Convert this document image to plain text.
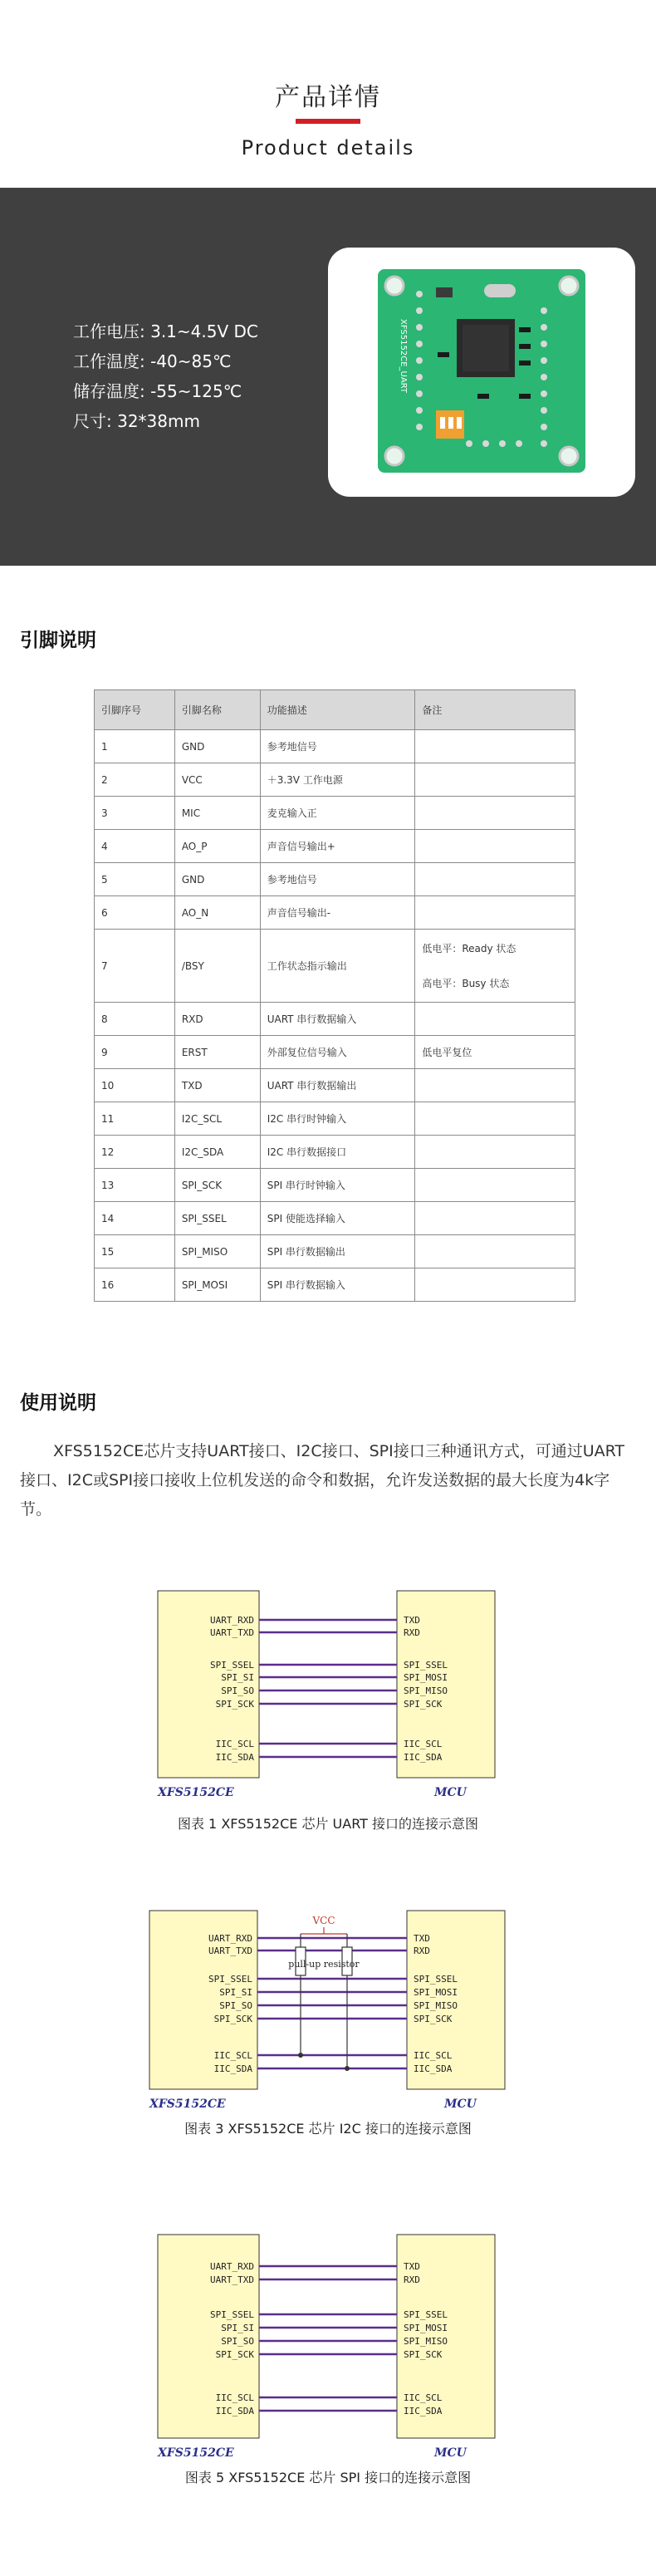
产品详情
Product details
工作电压: 3.1~4.5V DC
工作温度: -40~85℃
储存温度: -55~125℃
尺寸: 32*38mm
XFS5152CE_UART
引脚说明
引脚序号	引脚名称	功能描述	备注
1	GND	参考地信号	
2	VCC	＋3.3V 工作电源	
3	MIC	麦克输入正	
4	AO_P	声音信号输出+	
5	GND	参考地信号	
6	AO_N	声音信号输出-	
7	/BSY	工作状态指示输出	低电平：Ready 状态
高电平：Busy 状态

8	RXD	UART 串行数据输入	
9	ERST	外部复位信号输入	低电平复位
10	TXD	UART 串行数据输出	
11	I2C_SCL	I2C 串行时钟输入	
12	I2C_SDA	I2C 串行数据接口	
13	SPI_SCK	SPI 串行时钟输入	
14	SPI_SSEL	SPI 使能选择输入	
15	SPI_MISO	SPI 串行数据输出	
16	SPI_MOSI	SPI 串行数据输入	
使用说明
XFS5152CE芯片支持UART接口、I2C接口、SPI接口三种通讯方式，可通过UART接口、I2C或SPI接口接收上位机发送的命令和数据，允许发送数据的最大长度为4k字节。
UART_RXD	TXD
UART_TXD	RXD
SPI_SSEL	SPI_SSEL
SPI_SI	SPI_MOSI
SPI_SO	SPI_MISO
SPI_SCK	SPI_SCK
IIC_SCL	IIC_SCL
IIC_SDA	IIC_SDA
XFS5152CE	MCU
图表 1 XFS5152CE 芯片 UART 接口的连接示意图
UART_RXD	TXD
UART_TXD	RXD
SPI_SSEL	SPI_SSEL
SPI_SI	SPI_MOSI
SPI_SO	SPI_MISO
SPI_SCK	SPI_SCK
IIC_SCL	IIC_SCL
IIC_SDA	IIC_SDA
XFS5152CE	MCU
VCC
pull-up resistor
图表 3 XFS5152CE 芯片 I2C 接口的连接示意图
UART_RXD	TXD
UART_TXD	RXD
SPI_SSEL	SPI_SSEL
SPI_SI	SPI_MOSI
SPI_SO	SPI_MISO
SPI_SCK	SPI_SCK
IIC_SCL	IIC_SCL
IIC_SDA	IIC_SDA
XFS5152CE	MCU
图表 5 XFS5152CE 芯片 SPI 接口的连接示意图
